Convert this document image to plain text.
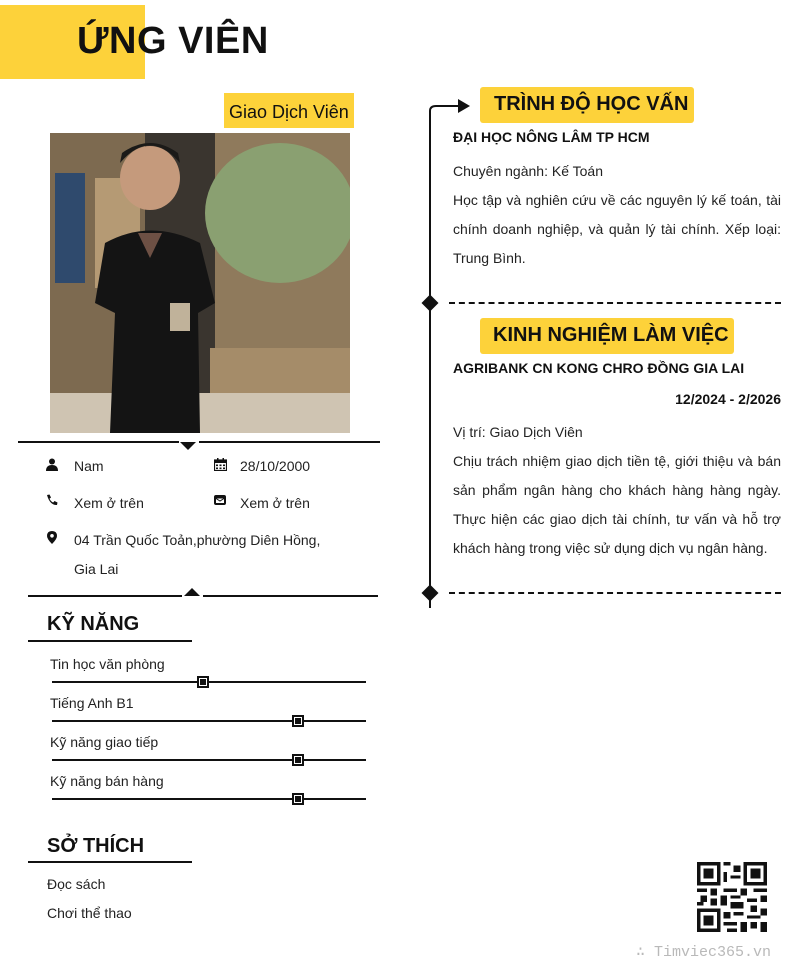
ỨNG VIÊN
Giao Dịch Viên
Nam	28/10/2000
Xem ở trên	Xem ở trên
04 Trần Quốc Toản,phường Diên Hồng,
Gia Lai
KỸ NĂNG
Tin học văn phòng
Tiếng Anh B1
Kỹ năng giao tiếp
Kỹ năng bán hàng
SỞ THÍCH
Đọc sách
Chơi thể thao
TRÌNH ĐỘ HỌC VẤN
ĐẠI HỌC NÔNG LÂM TP HCM
Chuyên ngành: Kế Toán
Học tập và nghiên cứu về các nguyên lý kế toán, tài chính doanh nghiệp, và quản lý tài chính. Xếp loại: Trung Bình.
KINH NGHIỆM LÀM VIỆC
AGRIBANK CN KONG CHRO ĐỒNG GIA LAI
12/2024 - 2/2026
Vị trí: Giao Dịch Viên
Chịu trách nhiệm giao dịch tiền tệ, giới thiệu và bán sản phẩm ngân hàng cho khách hàng hàng ngày. Thực hiện các giao dịch tài chính, tư vấn và hỗ trợ khách hàng trong việc sử dụng dịch vụ ngân hàng.
∴ Timviec365.vn
